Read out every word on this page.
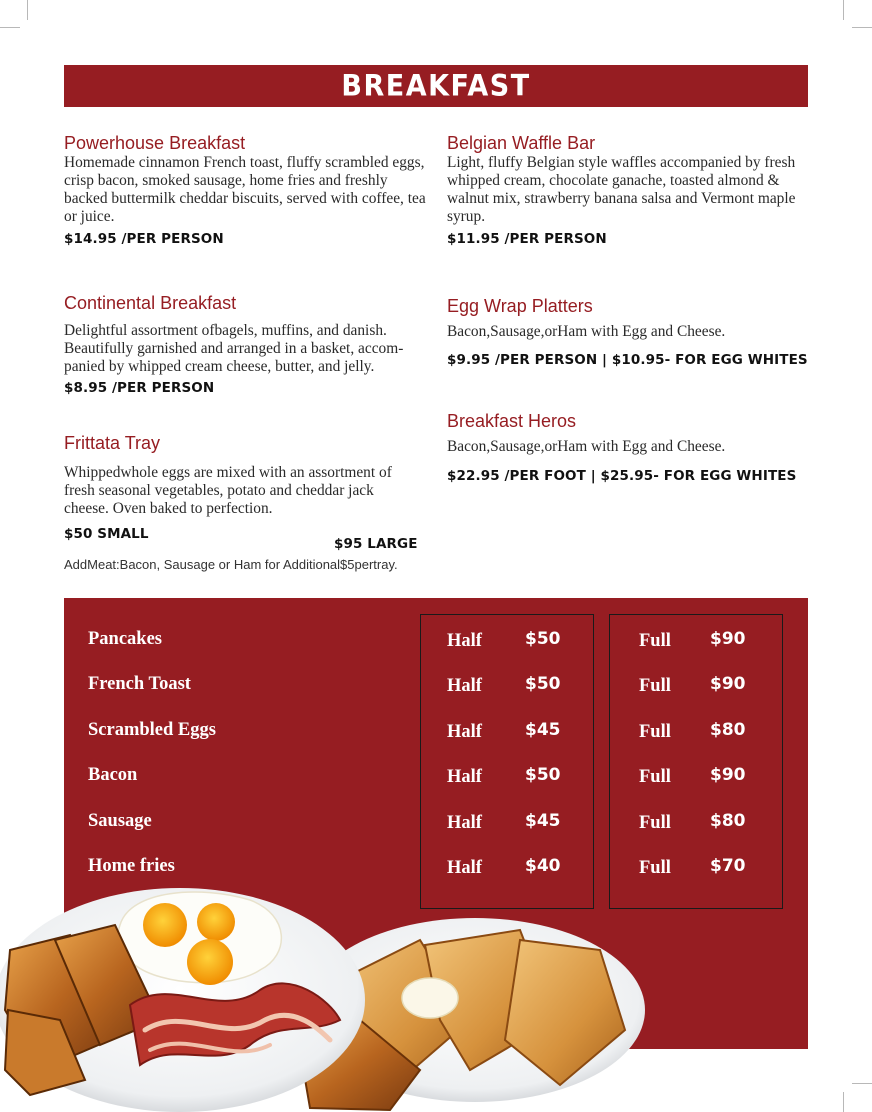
BREAKFAST

Powerhouse Breakfast

Homemade cinnamon French toast, fluffy scrambled eggs, crisp bacon, smoked sausage, home fries and freshly backed buttermilk cheddar biscuits, served with coffee, tea or juice.

$14.95 /PER PERSON

Continental Breakfast

Delightful assortment ofbagels, muffins, and danish. Beautifully garnished and arranged in a basket, accom-panied by whipped cream cheese, butter, and jelly.

$8.95 /PER PERSON

Frittata Tray

Whippedwhole eggs are mixed with an assortment of fresh seasonal vegetables, potato and cheddar jack cheese. Oven baked to perfection.

$50 SMALL
$95 LARGE
AddMeat:Bacon, Sausage or Ham for Additional$5pertray.

Belgian Waffle Bar

Light, fluffy Belgian style waffles accompanied by fresh whipped cream, chocolate ganache, toasted almond & walnut mix, strawberry banana salsa and Vermont maple syrup.

$11.95 /PER PERSON

Egg Wrap Platters

Bacon,Sausage,orHam with Egg and Cheese.

$9.95 /PER PERSON | $10.95- FOR EGG WHITES

Breakfast Heros

Bacon,Sausage,orHam with Egg and Cheese.

$22.95 /PER FOOT | $25.95- FOR EGG WHITES
Pancakes	Half	$50	Full $90
French Toast	Half	$50	Full $90
Scrambled Eggs	Half	$45	Full $80
Bacon	Half	$50	Full $90
Sausage	Half	$45	Full $80
Home fries	Half	$40	Full $70
